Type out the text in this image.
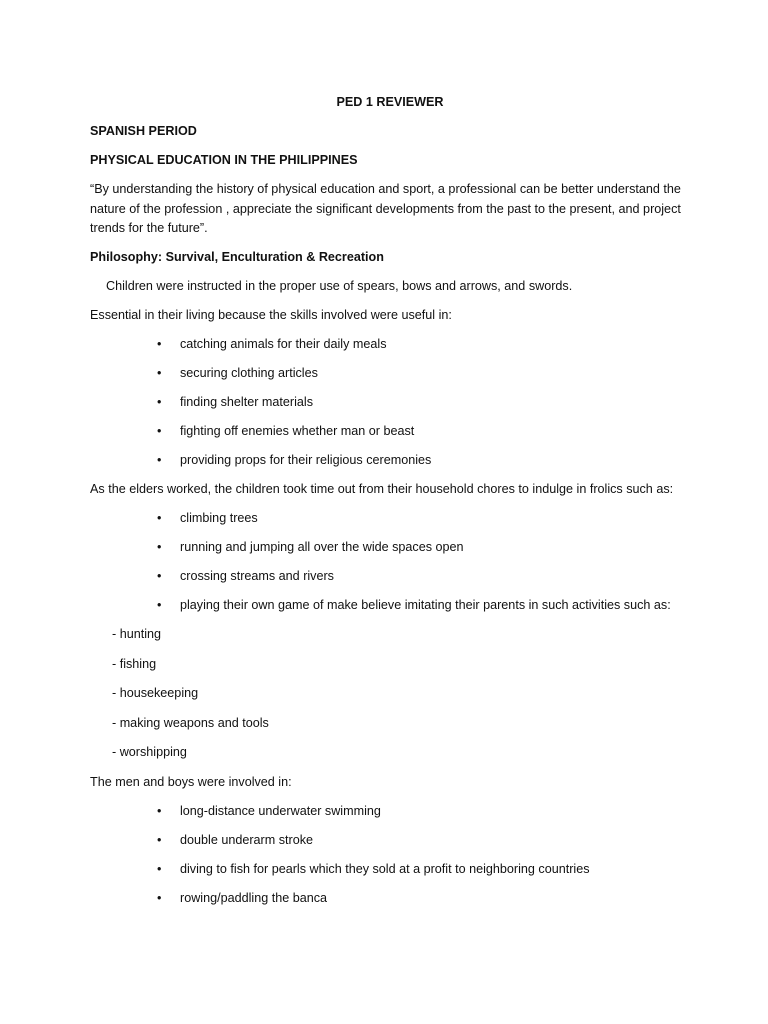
PED 1 REVIEWER

SPANISH PERIOD

PHYSICAL EDUCATION IN THE PHILIPPINES

“By understanding the history of physical education and sport, a professional can be better understand the nature of the profession , appreciate the significant developments from the past to the present, and project trends for the future”.

Philosophy: Survival, Enculturation & Recreation

Children were instructed in the proper use of spears, bows and arrows, and swords.

Essential in their living because the skills involved were useful in:

• catching animals for their daily meals
• securing clothing articles
• finding shelter materials
• fighting off enemies whether man or beast
• providing props for their religious ceremonies

As the elders worked, the children took time out from their household chores to indulge in frolics such as:

• climbing trees
• running and jumping all over the wide spaces open
• crossing streams and rivers
• playing their own game of make believe imitating their parents in such activities such as:
- hunting
- fishing
- housekeeping
- making weapons and tools
- worshipping

The men and boys were involved in:

• long-distance underwater swimming
• double underarm stroke
• diving to fish for pearls which they sold at a profit to neighboring countries
• rowing/paddling the banca
